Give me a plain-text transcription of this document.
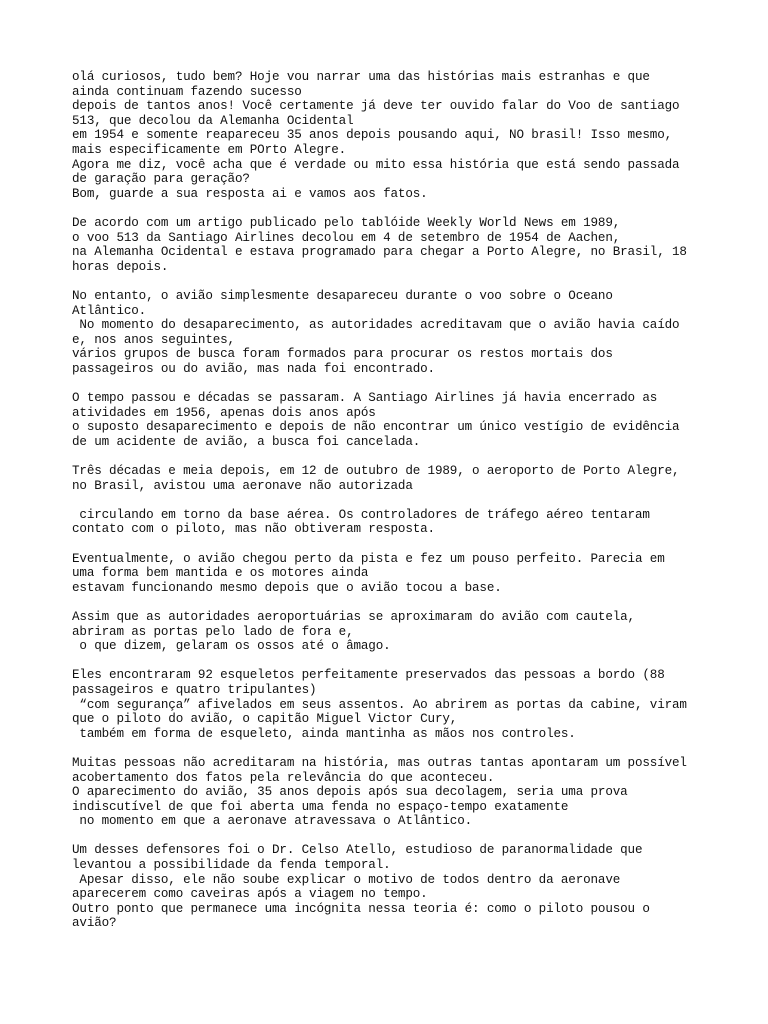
olá curiosos, tudo bem? Hoje vou narrar uma das histórias mais estranhas e que
ainda continuam fazendo sucesso
depois de tantos anos! Você certamente já deve ter ouvido falar do Voo de santiago
513, que decolou da Alemanha Ocidental
em 1954 e somente reapareceu 35 anos depois pousando aqui, NO brasil! Isso mesmo,
mais especificamente em POrto Alegre.
Agora me diz, você acha que é verdade ou mito essa história que está sendo passada
de garação para geração?
Bom, guarde a sua resposta ai e vamos aos fatos.
De acordo com um artigo publicado pelo tablóide Weekly World News em 1989,
o voo 513 da Santiago Airlines decolou em 4 de setembro de 1954 de Aachen,
na Alemanha Ocidental e estava programado para chegar a Porto Alegre, no Brasil, 18
horas depois.
No entanto, o avião simplesmente desapareceu durante o voo sobre o Oceano
Atlântico.
No momento do desaparecimento, as autoridades acreditavam que o avião havia caído
e, nos anos seguintes,
vários grupos de busca foram formados para procurar os restos mortais dos
passageiros ou do avião, mas nada foi encontrado.
O tempo passou e décadas se passaram. A Santiago Airlines já havia encerrado as
atividades em 1956, apenas dois anos após
o suposto desaparecimento e depois de não encontrar um único vestígio de evidência
de um acidente de avião, a busca foi cancelada.
Três décadas e meia depois, em 12 de outubro de 1989, o aeroporto de Porto Alegre,
no Brasil, avistou uma aeronave não autorizada
circulando em torno da base aérea. Os controladores de tráfego aéreo tentaram
contato com o piloto, mas não obtiveram resposta.
Eventualmente, o avião chegou perto da pista e fez um pouso perfeito. Parecia em
uma forma bem mantida e os motores ainda
estavam funcionando mesmo depois que o avião tocou a base.
Assim que as autoridades aeroportuárias se aproximaram do avião com cautela,
abriram as portas pelo lado de fora e,
o que dizem, gelaram os ossos até o âmago.
Eles encontraram 92 esqueletos perfeitamente preservados das pessoas a bordo (88
passageiros e quatro tripulantes)
“com segurança” afivelados em seus assentos. Ao abrirem as portas da cabine, viram
que o piloto do avião, o capitão Miguel Victor Cury,
também em forma de esqueleto, ainda mantinha as mãos nos controles.
Muitas pessoas não acreditaram na história, mas outras tantas apontaram um possível
acobertamento dos fatos pela relevância do que aconteceu.
O aparecimento do avião, 35 anos depois após sua decolagem, seria uma prova
indiscutível de que foi aberta uma fenda no espaço-tempo exatamente
no momento em que a aeronave atravessava o Atlântico.
Um desses defensores foi o Dr. Celso Atello, estudioso de paranormalidade que
levantou a possibilidade da fenda temporal.
Apesar disso, ele não soube explicar o motivo de todos dentro da aeronave
aparecerem como caveiras após a viagem no tempo.
Outro ponto que permanece uma incógnita nessa teoria é: como o piloto pousou o
avião?
